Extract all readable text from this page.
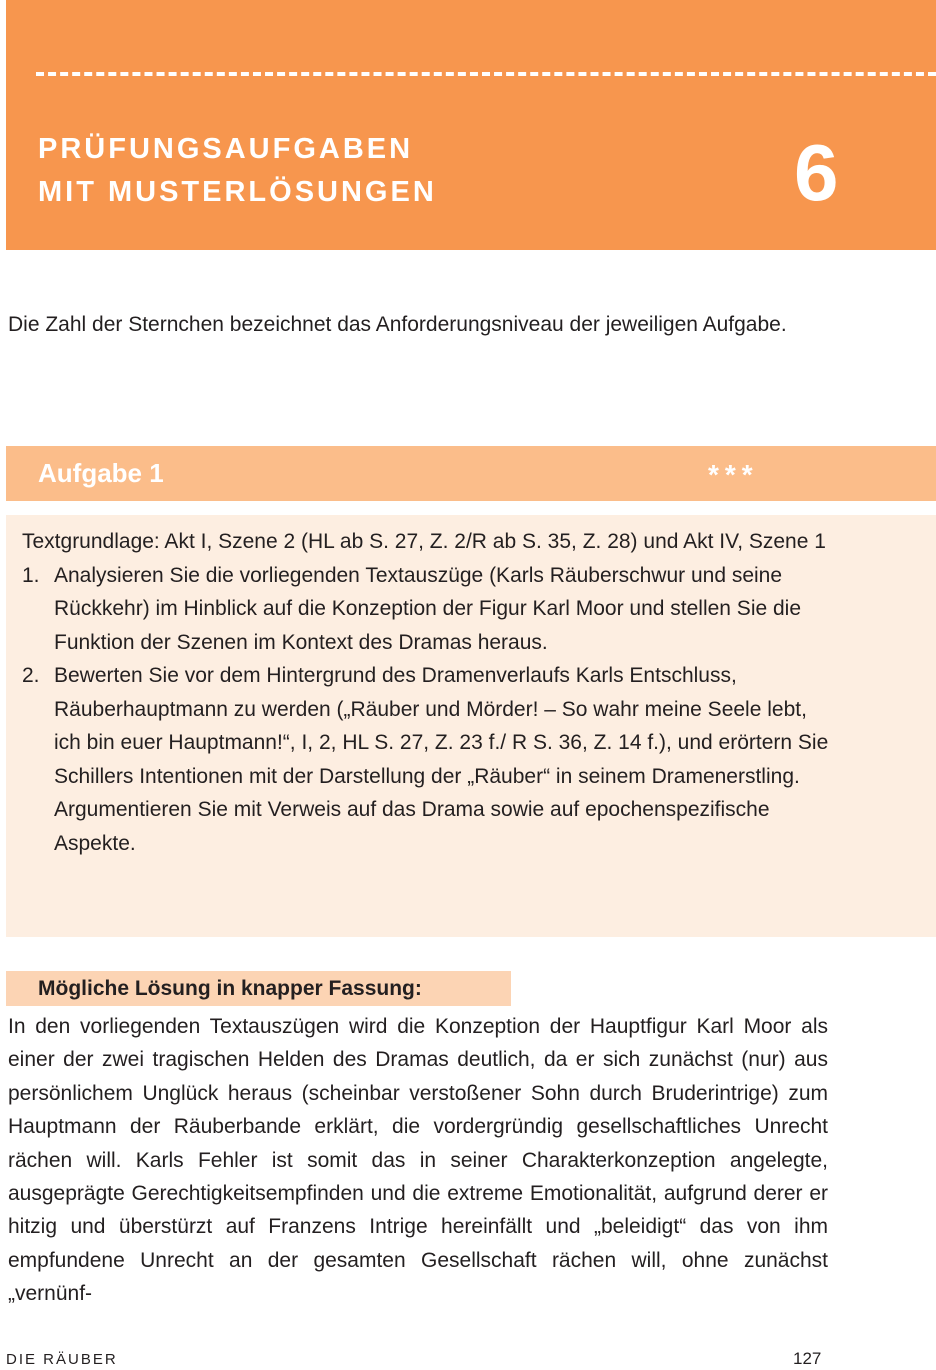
PRÜFUNGSAUFGABEN
MIT MUSTERLÖSUNGEN	6
Die Zahl der Sternchen bezeichnet das Anforderungsniveau der jeweiligen Aufgabe.
Aufgabe 1	***

Textgrundlage: Akt I, Szene 2 (HL ab S. 27, Z. 2/R ab S. 35, Z. 28) und Akt IV, Szene 1

1. Analysieren Sie die vorliegenden Textauszüge (Karls Räuberschwur und seine Rückkehr) im Hinblick auf die Konzeption der Figur Karl Moor und stellen Sie die Funktion der Szenen im Kontext des Dramas heraus.
2. Bewerten Sie vor dem Hintergrund des Dramenverlaufs Karls Entschluss, Räuberhauptmann zu werden („Räuber und Mörder! – So wahr meine Seele lebt, ich bin euer Hauptmann!“, I, 2, HL S. 27, Z. 23 f./ R S. 36, Z. 14 f.), und erörtern Sie Schillers Intentionen mit der Darstellung der „Räuber“ in seinem Dramenerstling. Argumentieren Sie mit Verweis auf das Drama sowie auf epochenspezifische Aspekte.
Mögliche Lösung in knapper Fassung:
In den vorliegenden Textauszügen wird die Konzeption der Hauptfigur Karl Moor als einer der zwei tragischen Helden des Dramas deutlich, da er sich zunächst (nur) aus persönlichem Unglück heraus (scheinbar verstoßener Sohn durch Bruderintrige) zum Hauptmann der Räuberbande erklärt, die vordergründig gesellschaftliches Unrecht rächen will. Karls Fehler ist somit das in seiner Charakterkonzeption angelegte, ausgeprägte Gerechtigkeitsempfinden und die extreme Emotionalität, aufgrund derer er hitzig und überstürzt auf Franzens Intrige hereinfällt und „beleidigt“ das von ihm empfundene Unrecht an der gesamten Gesellschaft rächen will, ohne zunächst „vernünf-
DIE RÄUBER	127
